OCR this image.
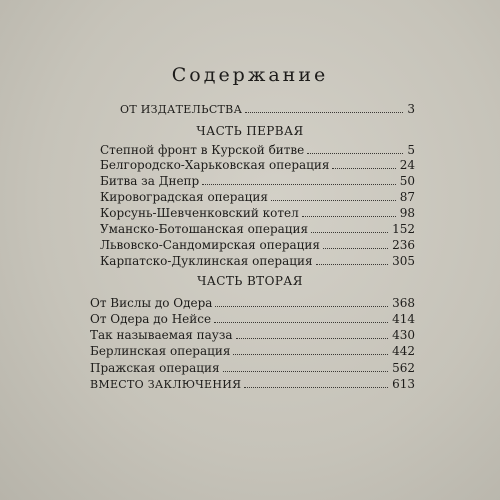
Содержание
ОТ ИЗДАТЕЛЬСТВА	3
ЧАСТЬ ПЕРВАЯ
Степной фронт в Курской битве	5
Белгородско-Харьковская операция	24
Битва за Днепр	50
Кировоградская операция	87
Корсунь-Шевченковский котел	98
Уманско-Ботошанская операция	152
Львовско-Сандомирская операция	236
Карпатско-Дуклинская операция	305
ЧАСТЬ ВТОРАЯ
От Вислы до Одера	368
От Одера до Нейсе	414
Так называемая пауза	430
Берлинская операция	442
Пражская операция	562
ВМЕСТО ЗАКЛЮЧЕНИЯ	613
